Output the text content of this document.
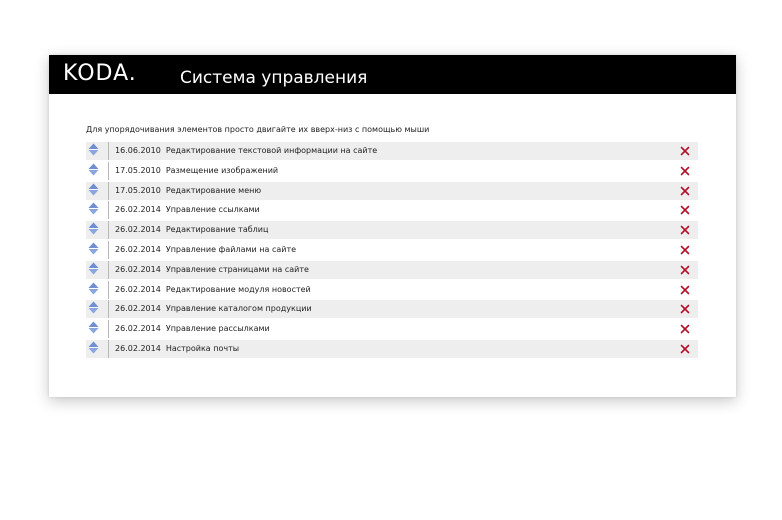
KODA.	Система управления
Для упорядочивания элементов просто двигайте их вверх-низ с помощью мыши
16.06.2010 Редактирование текстовой информации на сайте
17.05.2010 Размещение изображений
17.05.2010 Редактирование меню
26.02.2014 Управление ссылками
26.02.2014 Редактирование таблиц
26.02.2014 Управление файлами на сайте
26.02.2014 Управление страницами на сайте
26.02.2014 Редактирование модуля новостей
26.02.2014 Управление каталогом продукции
26.02.2014 Управление рассылками
26.02.2014 Настройка почты
